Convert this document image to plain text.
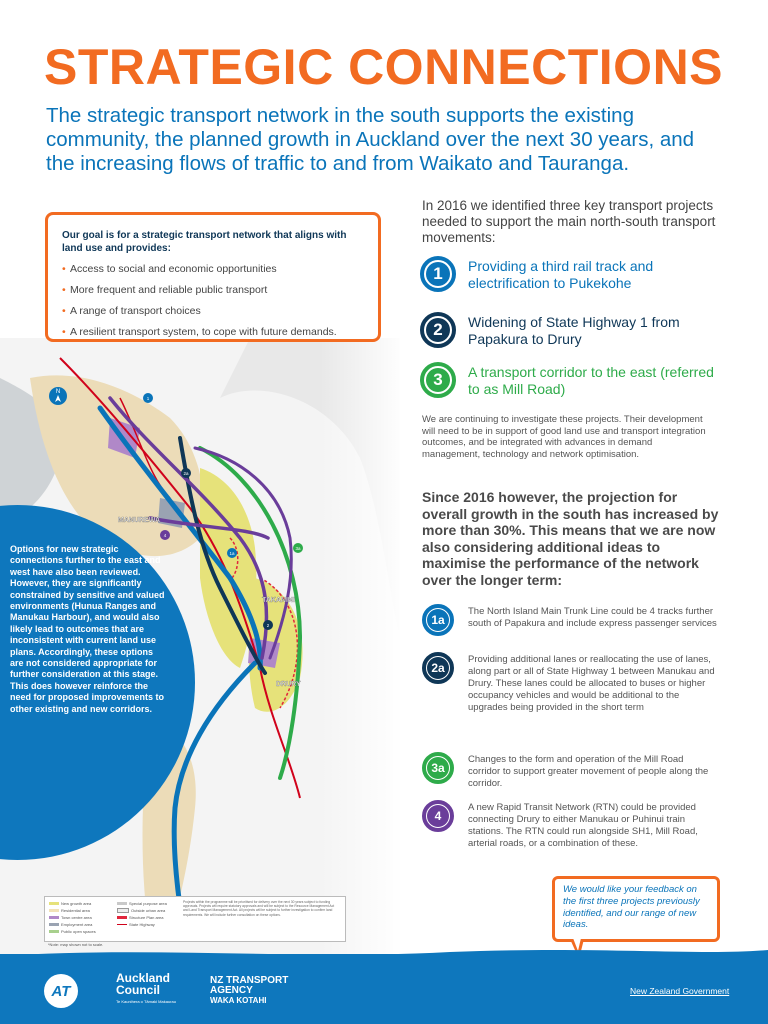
STRATEGIC CONNECTIONS

The strategic transport network in the south supports the existing community, the planned growth in Auckland over the next 30 years, and the increasing flows of traffic to and from Waikato and Tauranga.

N
MANUREWA
TAKANINI
DRURY
2a
1a
4
3a
1
2

Our goal is for a strategic transport network that aligns with land use and provides:

• Access to social and economic opportunities
• More frequent and reliable public transport
• A range of transport choices
• A resilient transport system, to cope with future demands.

Options for new strategic connections further to the east and west have also been reviewed. However, they are significantly constrained by sensitive and valued environments (Hunua Ranges and Manukau Harbour), and would also likely lead to outcomes that are inconsistent with current land use plans. Accordingly, these options are not considered appropriate for further consideration at this stage. This does however reinforce the need for proposed improvements to other existing and new corridors.

In 2016 we identified three key transport projects needed to support the main north-south transport movements:

1	Providing a third rail track and electrification to Pukekohe

2	Widening of State Highway 1 from Papakura to Drury

3	A transport corridor to the east (referred to as Mill Road)

We are continuing to investigate these projects. Their development will need to be in support of good land use and transport integration outcomes, and be integrated with advances in demand management, technology and network optimisation.

Since 2016 however, the projection for overall growth in the south has increased by more than 30%. This means that we are now also considering additional ideas to maximise the performance of the network over the longer term:

1a

The North Island Main Trunk Line could be 4 tracks further south of Papakura and include express passenger services

2a

Providing additional lanes or reallocating the use of lanes, along part or all of State Highway 1 between Manukau and Drury. These lanes could be allocated to buses or higher occupancy vehicles and would be additional to the upgrades being provided in the short term

3a

Changes to the form and operation of the Mill Road corridor to support greater movement of people along the corridor.

4

A new Rapid Transit Network (RTN) could be provided connecting Drury to either Manukau or Puhinui train stations. The RTN could run alongside SH1, Mill Road, arterial roads, or a combination of these.

We would like your feedback on the first three projects previously identified, and our range of new ideas.
New growth area
Residential area
Town centre area
Employment area
Public open spaces
Special purpose area
Outside urban area
Structure Plan area
State Highway

Projects within the programme will be prioritised for delivery over the next 30 years subject to funding approvals. Projects will require statutory approvals and will be subject to the Resource Management Act and Land Transport Management Act. All projects will be subject to further investigation to confirm land requirements. We will include further consultation on these options.

*Note: map shown not to scale.
AT
Auckland Council
Te Kaunihera o Tāmaki Makaurau
NZ TRANSPORT
AGENCY
WAKA KOTAHI
New Zealand Government
